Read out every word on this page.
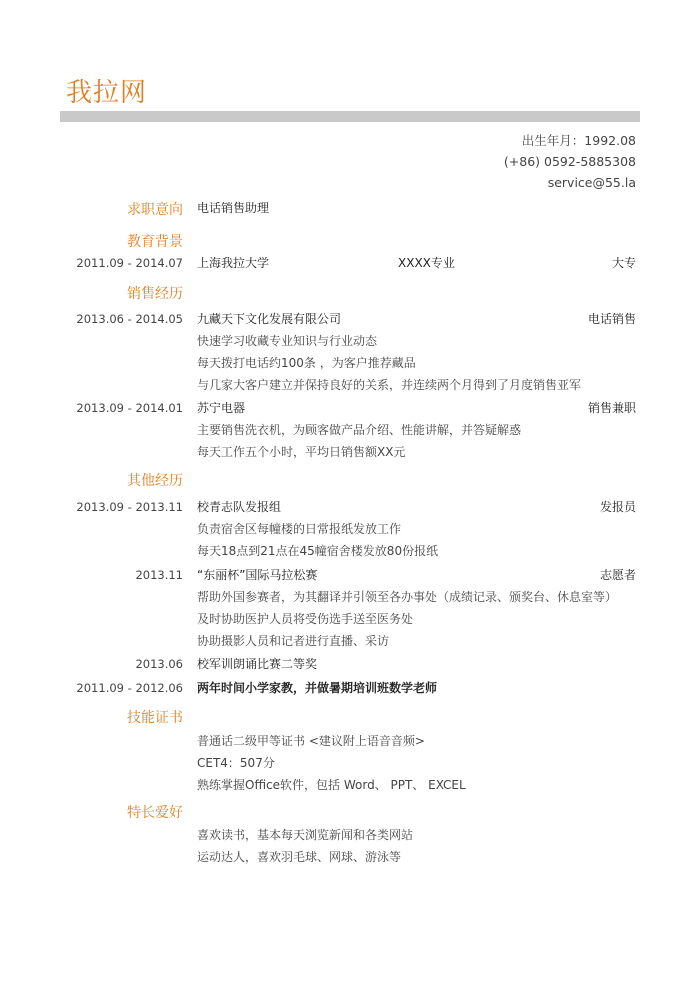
我拉网
出生年月：1992.08
(+86) 0592-5885308
service@55.la
求职意向 电话销售助理
教育背景
2011.09 - 2014.07 上海我拉大学	XXXX专业	大专
销售经历
2013.06 - 2014.05 九藏天下文化发展有限公司	电话销售
快速学习收藏专业知识与行业动态
每天拨打电话约100条 ，为客户推荐藏品
与几家大客户建立并保持良好的关系，并连续两个月得到了月度销售亚军
2013.09 - 2014.01 苏宁电器	销售兼职
主要销售洗衣机，为顾客做产品介绍、性能讲解，并答疑解惑
每天工作五个小时，平均日销售额XX元
其他经历
2013.09 - 2013.11 校青志队发报组	发报员
负责宿舍区每幢楼的日常报纸发放工作
每天18点到21点在45幢宿舍楼发放80份报纸
2013.11 “东丽杯”国际马拉松赛	志愿者
帮助外国参赛者，为其翻译并引领至各办事处（成绩记录、颁奖台、休息室等）
及时协助医护人员将受伤选手送至医务处
协助摄影人员和记者进行直播、采访
2013.06 校军训朗诵比赛二等奖
2011.09 - 2012.06 两年时间小学家教，并做暑期培训班数学老师
技能证书
普通话二级甲等证书 <建议附上语音音频>
CET4：507分
熟练掌握Office软件，包括 Word、 PPT、 EXCEL
特长爱好
喜欢读书，基本每天浏览新闻和各类网站
运动达人，喜欢羽毛球、网球、游泳等
